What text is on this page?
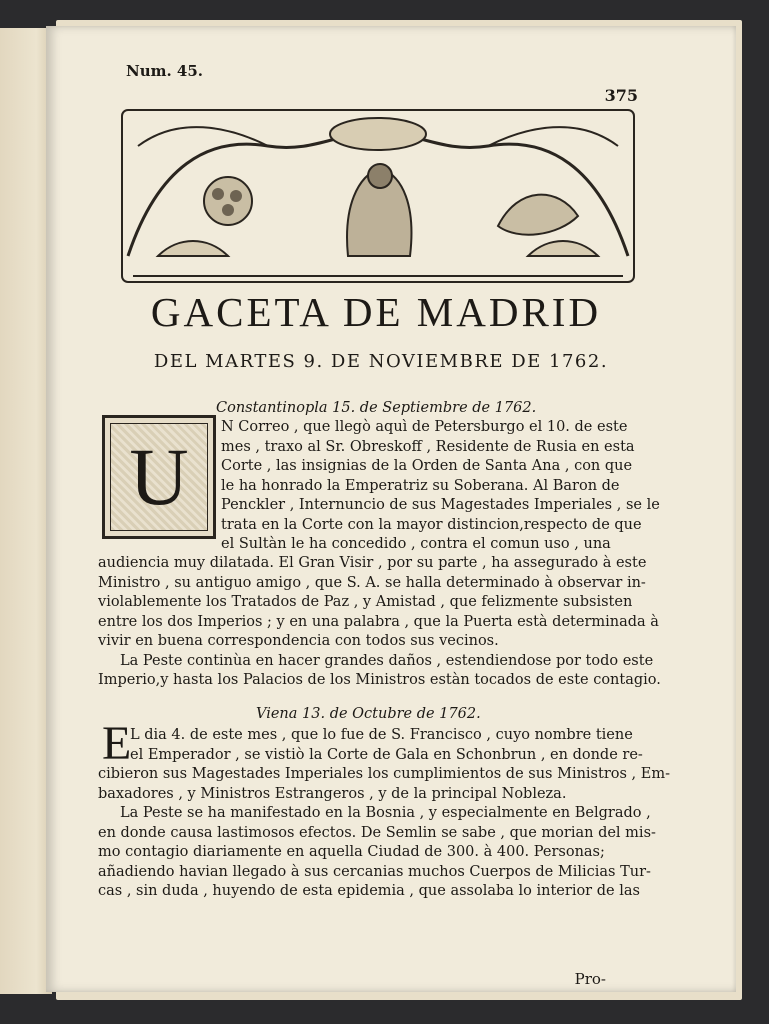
Num. 45.
375
GACETA DE MADRID
DEL MARTES 9. DE NOVIEMBRE DE 1762.
Constantinopla 15. de Septiembre de 1762.
U
N Correo , que llegò aquì de Petersburgo el 10. de este
mes , traxo al Sr. Obreskoff , Residente de Rusia en esta
Corte , las insignias de la Orden de Santa Ana , con que
le ha honrado la Emperatriz su Soberana. Al Baron de
Penckler , Internuncio de sus Magestades Imperiales , se le
trata en la Corte con la mayor distincion,respecto de que
el Sultàn le ha concedido , contra el comun uso , una
audiencia muy dilatada. El Gran Visir , por su parte , ha assegurado à este
Ministro , su antiguo amigo , que S. A. se halla determinado à observar in-
violablemente los Tratados de Paz , y Amistad , que felizmente subsisten
entre los dos Imperios ; y en una palabra , que la Puerta està determinada à
vivir en buena correspondencia con todos sus vecinos.
La Peste continùa en hacer grandes daños , estendiendose por todo este
Imperio,y hasta los Palacios de los Ministros estàn tocados de este contagio.
Viena 13. de Octubre de 1762.
E
L dia 4. de este mes , que lo fue de S. Francisco , cuyo nombre tiene
el Emperador , se vistiò la Corte de Gala en Schonbrun , en donde re-
cibieron sus Magestades Imperiales los cumplimientos de sus Ministros , Em-
baxadores , y Ministros Estrangeros , y de la principal Nobleza.
La Peste se ha manifestado en la Bosnia , y especialmente en Belgrado ,
en donde causa lastimosos efectos. De Semlin se sabe , que morian del mis-
mo contagio diariamente en aquella Ciudad de 300. à 400. Personas;
añadiendo havian llegado à sus cercanias muchos Cuerpos de Milicias Tur-
cas , sin duda , huyendo de esta epidemia , que assolaba lo interior de las
Pro-
